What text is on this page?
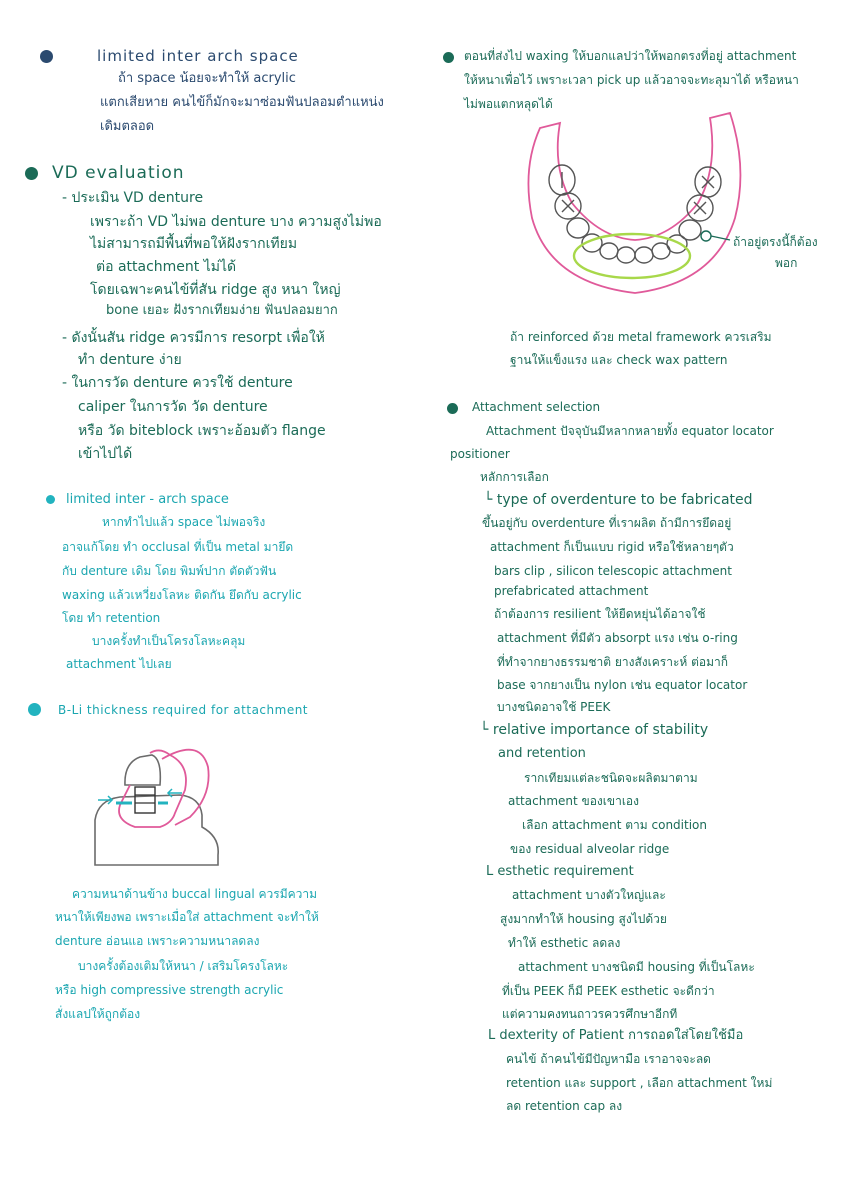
limited inter arch space
ถ้า space น้อยจะทำให้ acrylic
แตกเสียหาย คนไข้ก็มักจะมาซ่อมฟันปลอมตำแหน่ง
เดิมตลอด
VD evaluation
- ประเมิน VD denture
เพราะถ้า VD ไม่พอ denture บาง ความสูงไม่พอ
ไม่สามารถมีพื้นที่พอให้ฝังรากเทียม
ต่อ attachment ไม่ได้
โดยเฉพาะคนไข้ที่สัน ridge สูง หนา ใหญ่
bone เยอะ ฝังรากเทียมง่าย ฟันปลอมยาก
- ดังนั้นสัน ridge ควรมีการ resorpt เพื่อให้
ทำ denture ง่าย
- ในการวัด denture ควรใช้ denture
caliper ในการวัด วัด denture
หรือ วัด biteblock เพราะอ้อมตัว flange
เข้าไปได้
limited inter - arch space
หากทำไปแล้ว space ไม่พอจริง
อาจแก้โดย ทำ occlusal ที่เป็น metal มายึด
กับ denture เดิม โดย พิมพ์ปาก ตัดตัวฟัน
waxing แล้วเหวี่ยงโลหะ ติดกัน ยึดกับ acrylic
โดย ทำ retention
บางครั้งทำเป็นโครงโลหะคลุม
attachment ไปเลย
B-Li thickness required for attachment
ความหนาด้านข้าง buccal lingual ควรมีความ
หนาให้เพียงพอ เพราะเมื่อใส่ attachment จะทำให้
denture อ่อนแอ เพราะความหนาลดลง
บางครั้งต้องเติมให้หนา / เสริมโครงโลหะ
หรือ high compressive strength acrylic
สั่งแลปให้ถูกต้อง
ตอนที่ส่งไป waxing ให้บอกแลปว่าให้พอกตรงที่อยู่ attachment
ให้หนาเพื่อไว้ เพราะเวลา pick up แล้วอาจจะทะลุมาได้ หรือหนา
ไม่พอแตกหลุดได้
ถ้าอยู่ตรงนี้ก็ต้อง
พอก
ถ้า reinforced ด้วย metal framework ควรเสริม
ฐานให้แข็งแรง และ check wax pattern
Attachment selection
Attachment ปัจจุบันมีหลากหลายทั้ง equator locator
positioner
หลักการเลือก
└ type of overdenture to be fabricated
ขึ้นอยู่กับ overdenture ที่เราผลิต ถ้ามีการยึดอยู่
attachment ก็เป็นแบบ rigid หรือใช้หลายๆตัว
bars clip , silicon telescopic attachment
prefabricated attachment
ถ้าต้องการ resilient ให้ยืดหยุ่นได้อาจใช้
attachment ที่มีตัว absorpt แรง เช่น o-ring
ที่ทำจากยางธรรมชาติ ยางสังเคราะห์ ต่อมาก็
base จากยางเป็น nylon เช่น equator locator
บางชนิดอาจใช้ PEEK
└ relative importance of stability
and retention
รากเทียมแต่ละชนิดจะผลิตมาตาม
attachment ของเขาเอง
เลือก attachment ตาม condition
ของ residual alveolar ridge
L esthetic requirement
attachment บางตัวใหญ่และ
สูงมากทำให้ housing สูงไปด้วย
ทำให้ esthetic ลดลง
attachment บางชนิดมี housing ที่เป็นโลหะ
ที่เป็น PEEK ก็มี PEEK esthetic จะดีกว่า
แต่ความคงทนถาวรควรศึกษาอีกที
L dexterity of Patient การถอดใส่โดยใช้มือ
คนไข้ ถ้าคนไข้มีปัญหามือ เราอาจจะลด
retention และ support , เลือก attachment ใหม่
ลด retention cap ลง
